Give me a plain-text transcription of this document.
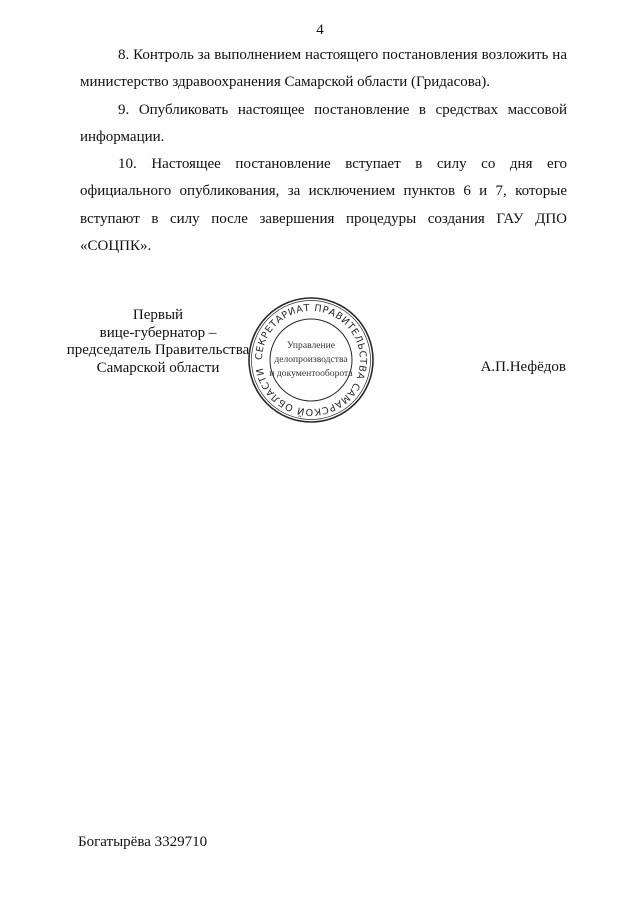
4

8. Контроль за выполнением настоящего постановления возложить на министерство здравоохранения Самарской области (Гридасова).

9. Опубликовать настоящее постановление в средствах массовой информации.

10. Настоящее постановление вступает в силу со дня его официального опубликования, за исключением пунктов 6 и 7, которые вступают в силу после завершения процедуры создания ГАУ ДПО «СОЦПК».

Первый
вице-губернатор –
председатель Правительства
Самарской области
СЕКРЕТАРИАТ ПРАВИТЕЛЬСТВА САМАРСКОЙ ОБЛАСТИ
Управление
делопроизводства
и документооборота	А.П.Нефёдов
Богатырёва 3329710
